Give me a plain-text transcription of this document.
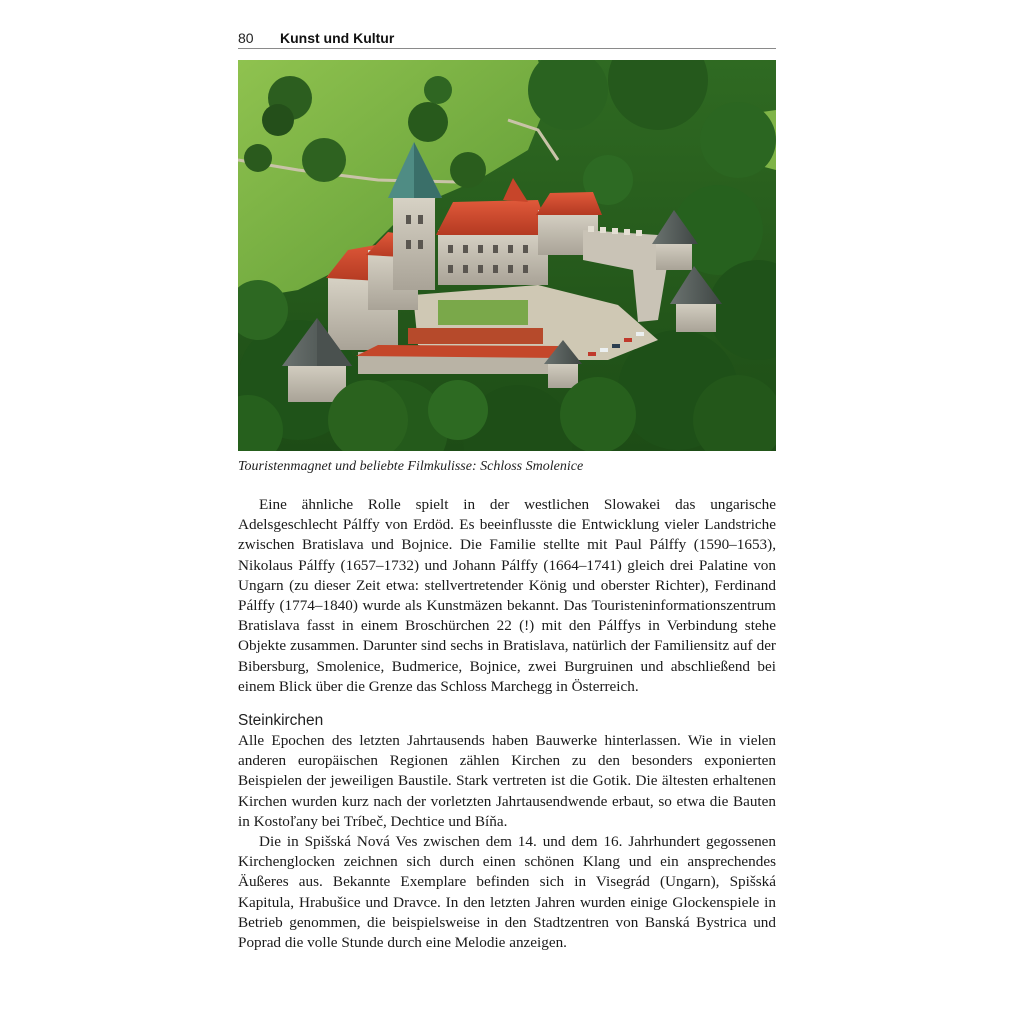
80	Kunst und Kultur
Touristenmagnet und beliebte Filmkulisse: Schloss Smolenice

Eine ähnliche Rolle spielt in der westlichen Slowakei das ungarische Adelsgeschlecht Pálffy von Erdöd. Es beeinflusste die Entwicklung vieler Landstriche zwischen Bratislava und Bojnice. Die Familie stellte mit Paul Pálffy (1590–1653), Nikolaus Pálffy (1657–1732) und Johann Pálffy (1664–1741) gleich drei Palatine von Ungarn (zu dieser Zeit etwa: stellvertretender König und oberster Richter), Ferdinand Pálffy (1774–1840) wurde als Kunstmäzen bekannt. Das Touristeninformationszentrum Bratislava fasst in einem Broschürchen 22 (!) mit den Pálffys in Verbindung stehe Objekte zusammen. Darunter sind sechs in Bratislava, natürlich der Familiensitz auf der Bibersburg, Smolenice, Budmerice, Bojnice, zwei Burgruinen und abschließend bei einem Blick über die Grenze das Schloss Marchegg in Österreich.

Steinkirchen

Alle Epochen des letzten Jahrtausends haben Bauwerke hinterlassen. Wie in vielen anderen europäischen Regionen zählen Kirchen zu den besonders exponierten Beispielen der jeweiligen Baustile. Stark vertreten ist die Gotik. Die ältesten erhaltenen Kirchen wurden kurz nach der vorletzten Jahrtausendwende erbaut, so etwa die Bauten in Kostoľany bei Tríbeč, Dechtice und Bíňa.

Die in Spišská Nová Ves zwischen dem 14. und dem 16. Jahrhundert gegossenen Kirchenglocken zeichnen sich durch einen schönen Klang und ein ansprechendes Äußeres aus. Bekannte Exemplare befinden sich in Visegrád (Ungarn), Spišská Kapitula, Hrabušice und Dravce. In den letzten Jahren wurden einige Glockenspiele in Betrieb genommen, die beispielsweise in den Stadtzentren von Banská Bystrica und Poprad die volle Stunde durch eine Melodie anzeigen.
